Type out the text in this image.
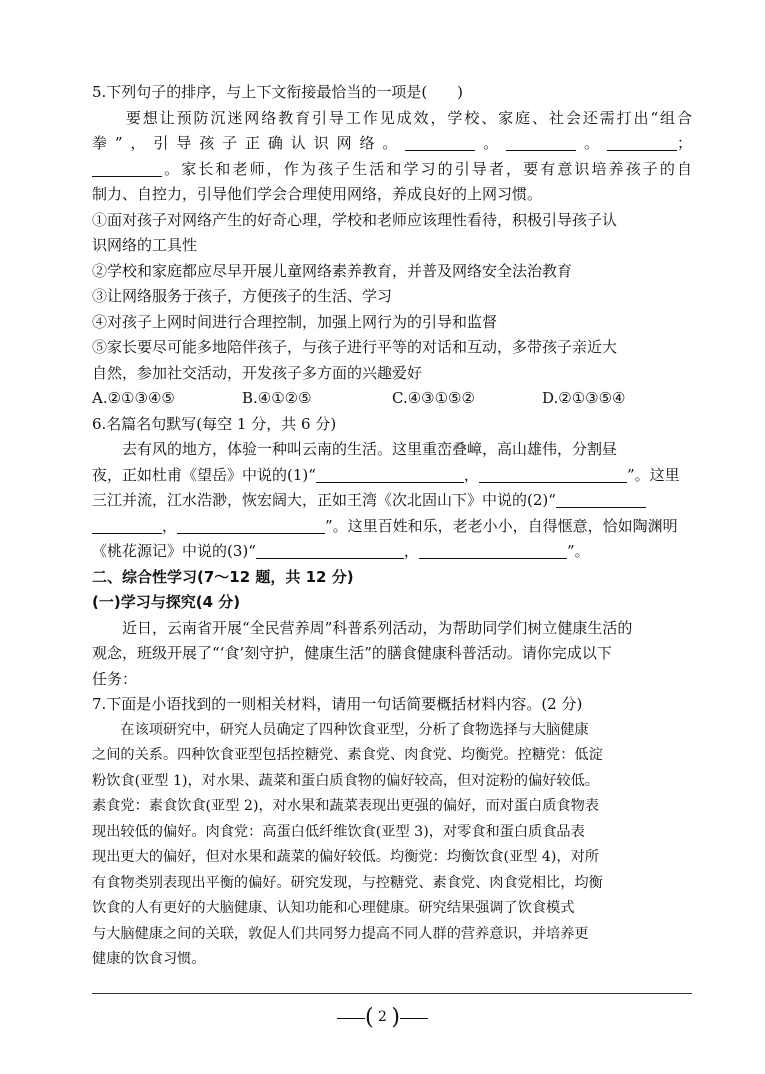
5.下列句子的排序，与上下文衔接最恰当的一项是(　　)
　　要想让预防沉迷网络教育引导工作见成效，学校、家庭、社会还需打出“组合
拳”，引导孩子正确认识网络。	。	。	；
。家长和老师，作为孩子生活和学习的引导者，要有意识培养孩子的自
制力、自控力，引导他们学会合理使用网络，养成良好的上网习惯。
①面对孩子对网络产生的好奇心理，学校和老师应该理性看待，积极引导孩子认
识网络的工具性
②学校和家庭都应尽早开展儿童网络素养教育，并普及网络安全法治教育
③让网络服务于孩子，方便孩子的生活、学习
④对孩子上网时间进行合理控制，加强上网行为的引导和监督
⑤家长要尽可能多地陪伴孩子，与孩子进行平等的对话和互动，多带孩子亲近大
自然，参加社交活动，开发孩子多方面的兴趣爱好
A.②①③④⑤	B.④①②⑤	C.④③①⑤②	D.②①③⑤④
6.名篇名句默写(每空 1 分，共 6 分)
　　去有风的地方，体验一种叫云南的生活。这里重峦叠嶂，高山雄伟，分割昼
夜，正如杜甫《望岳》中说的(1)“	，	”。这里
三江并流，江水浩渺，恢宏阔大，正如王湾《次北固山下》中说的(2)“
，	”。这里百姓和乐，老老小小，自得惬意，恰如陶渊明
《桃花源记》中说的(3)“	，	”。
二、综合性学习(7～12 题，共 12 分)
(一)学习与探究(4 分)
　　近日，云南省开展“全民营养周”科普系列活动，为帮助同学们树立健康生活的
观念，班级开展了“‘食’刻守护，健康生活”的膳食健康科普活动。请你完成以下
任务：
7.下面是小语找到的一则相关材料，请用一句话简要概括材料内容。(2 分)
　　在该项研究中，研究人员确定了四种饮食亚型，分析了食物选择与大脑健康
之间的关系。四种饮食亚型包括控糖党、素食党、肉食党、均衡党。控糖党：低淀
粉饮食(亚型 1)，对水果、蔬菜和蛋白质食物的偏好较高，但对淀粉的偏好较低。
素食党：素食饮食(亚型 2)，对水果和蔬菜表现出更强的偏好，而对蛋白质食物表
现出较低的偏好。肉食党：高蛋白低纤维饮食(亚型 3)，对零食和蛋白质食品表
现出更大的偏好，但对水果和蔬菜的偏好较低。均衡党：均衡饮食(亚型 4)，对所
有食物类别表现出平衡的偏好。研究发现，与控糖党、素食党、肉食党相比，均衡
饮食的人有更好的大脑健康、认知功能和心理健康。研究结果强调了饮食模式
与大脑健康之间的关联，敦促人们共同努力提高不同人群的营养意识，并培养更
健康的饮食习惯。
( 2 )
